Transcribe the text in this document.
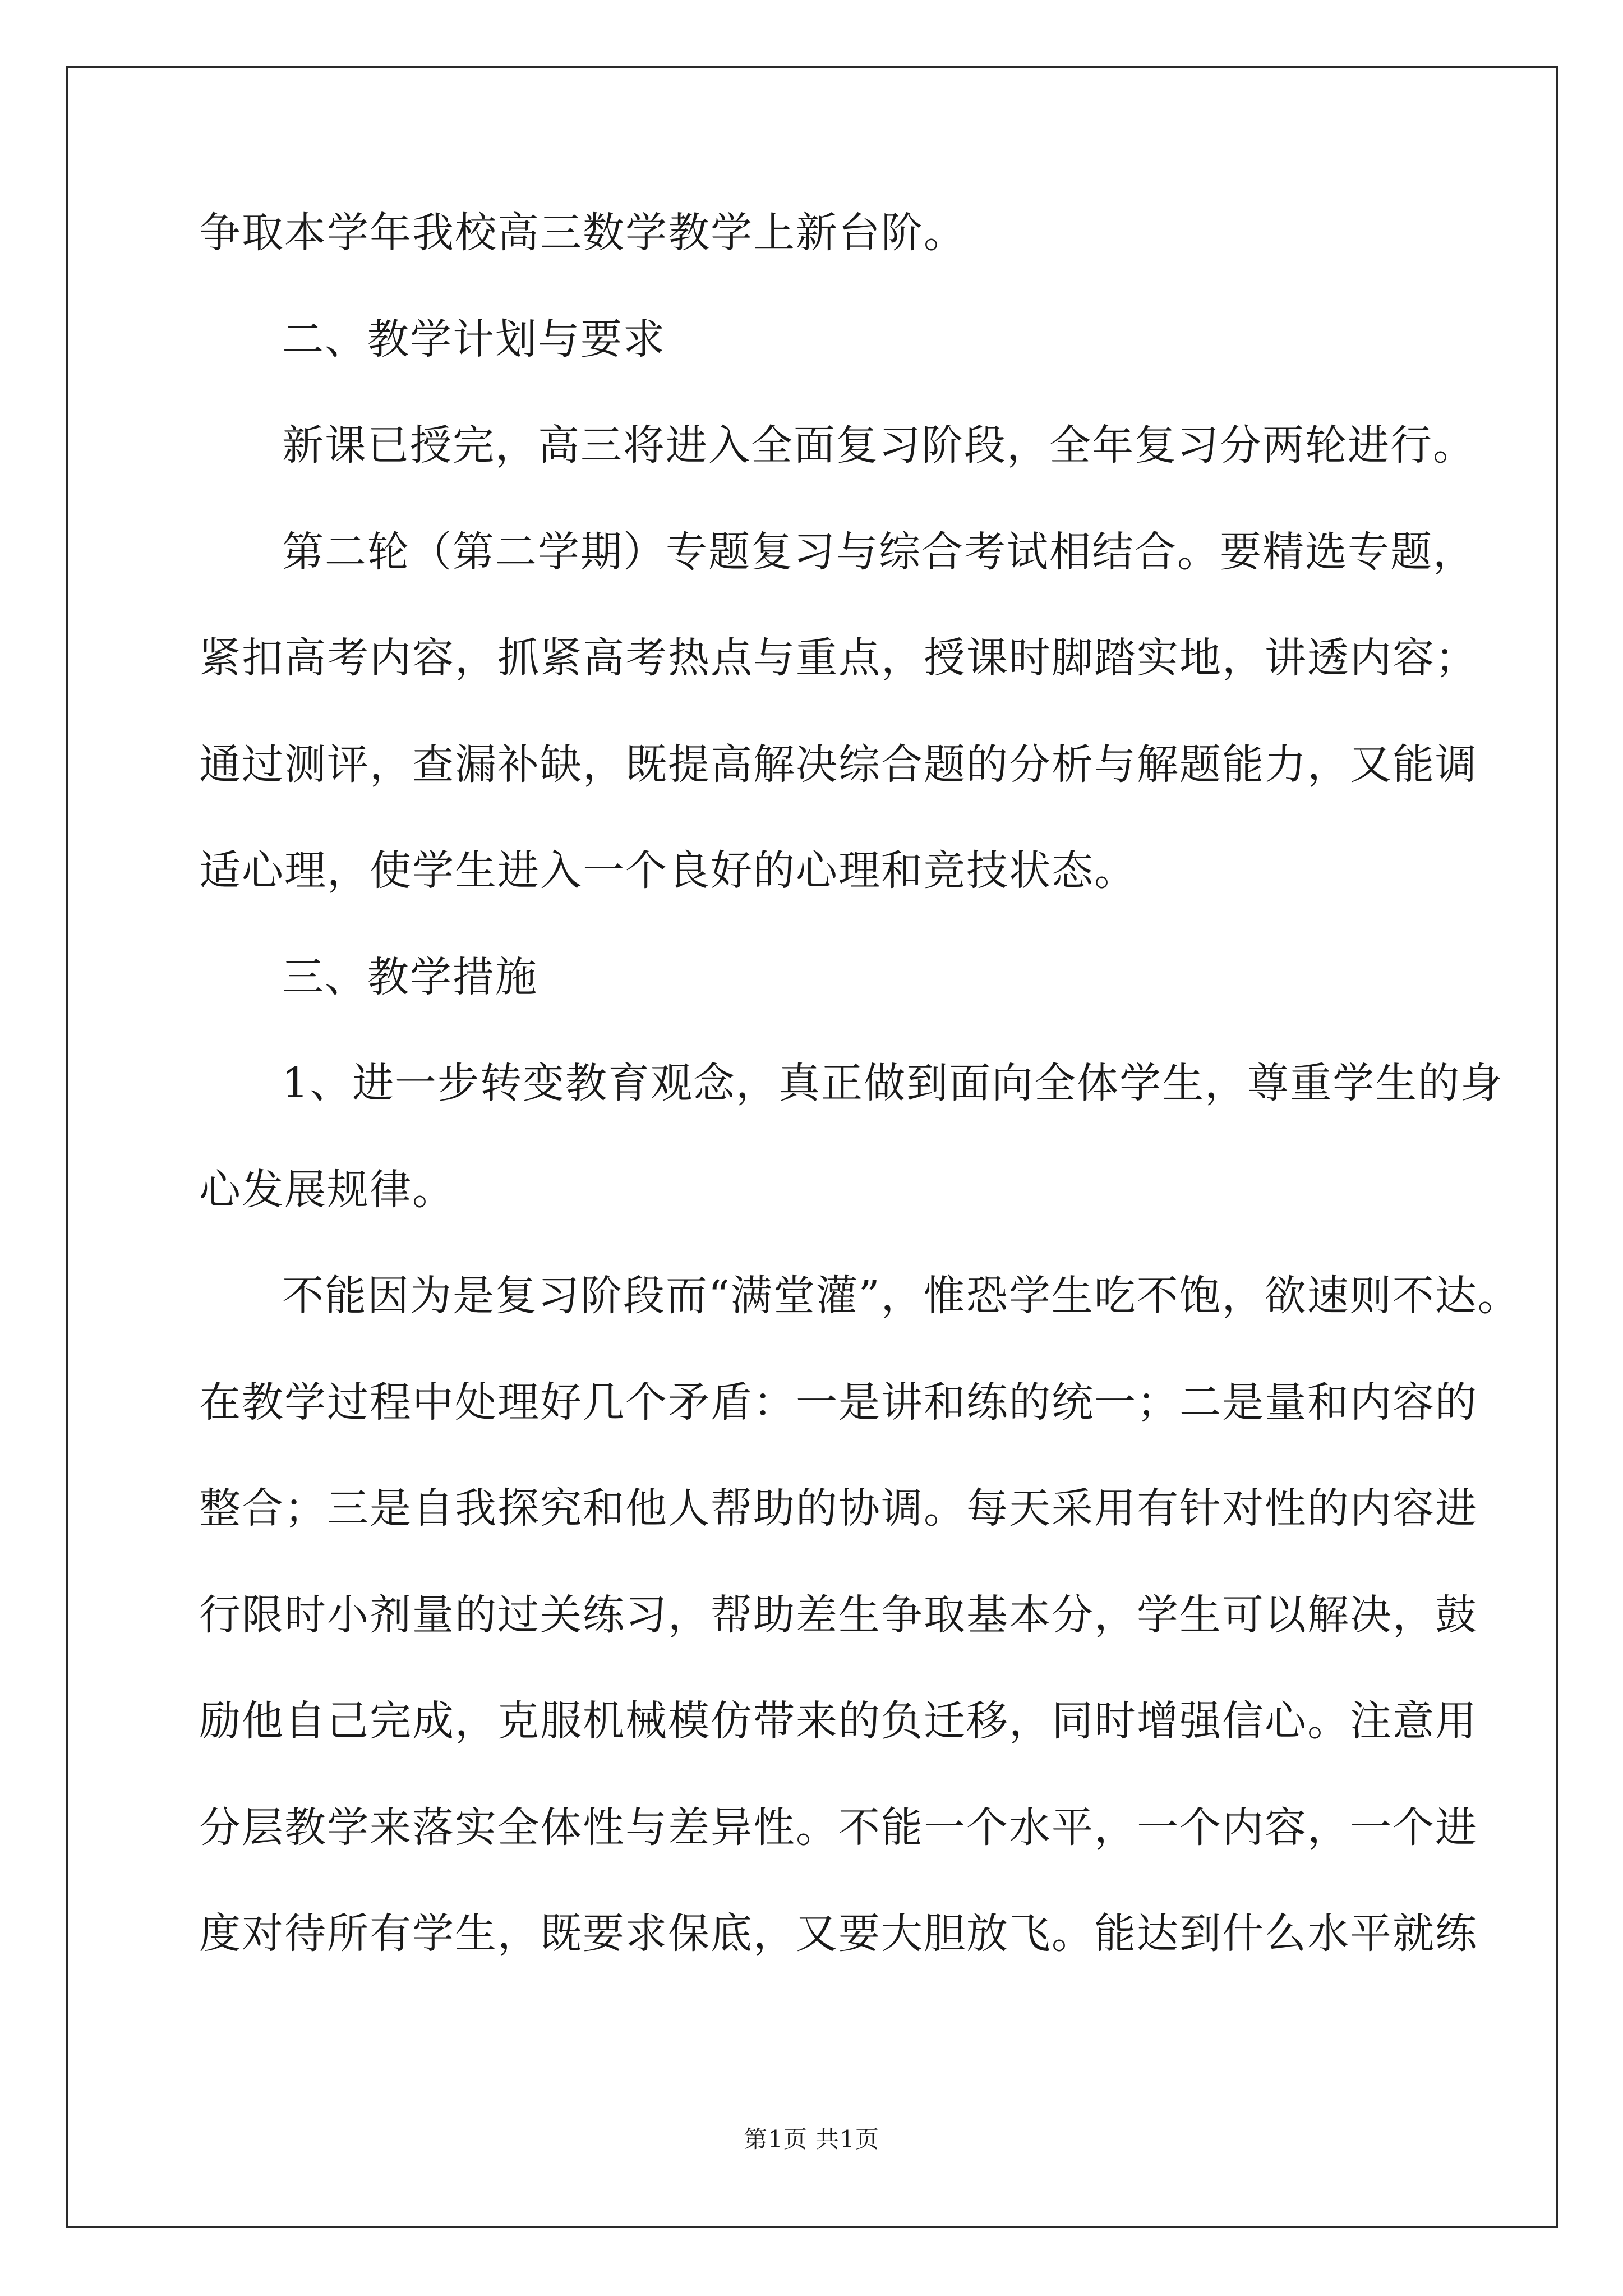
争取本学年我校高三数学教学上新台阶。
二、教学计划与要求
新课已授完，高三将进入全面复习阶段，全年复习分两轮进行。
第二轮（第二学期）专题复习与综合考试相结合。要精选专题，
紧扣高考内容，抓紧高考热点与重点，授课时脚踏实地，讲透内容；
通过测评，查漏补缺，既提高解决综合题的分析与解题能力，又能调
适心理，使学生进入一个良好的心理和竞技状态。
三、教学措施
1、进一步转变教育观念，真正做到面向全体学生，尊重学生的身
心发展规律。
不能因为是复习阶段而“满堂灌”，惟恐学生吃不饱，欲速则不达。
在教学过程中处理好几个矛盾：一是讲和练的统一；二是量和内容的
整合；三是自我探究和他人帮助的协调。每天采用有针对性的内容进
行限时小剂量的过关练习，帮助差生争取基本分，学生可以解决，鼓
励他自己完成，克服机械模仿带来的负迁移，同时增强信心。注意用
分层教学来落实全体性与差异性。不能一个水平，一个内容，一个进
度对待所有学生，既要求保底，又要大胆放飞。能达到什么水平就练
第1页 共1页
